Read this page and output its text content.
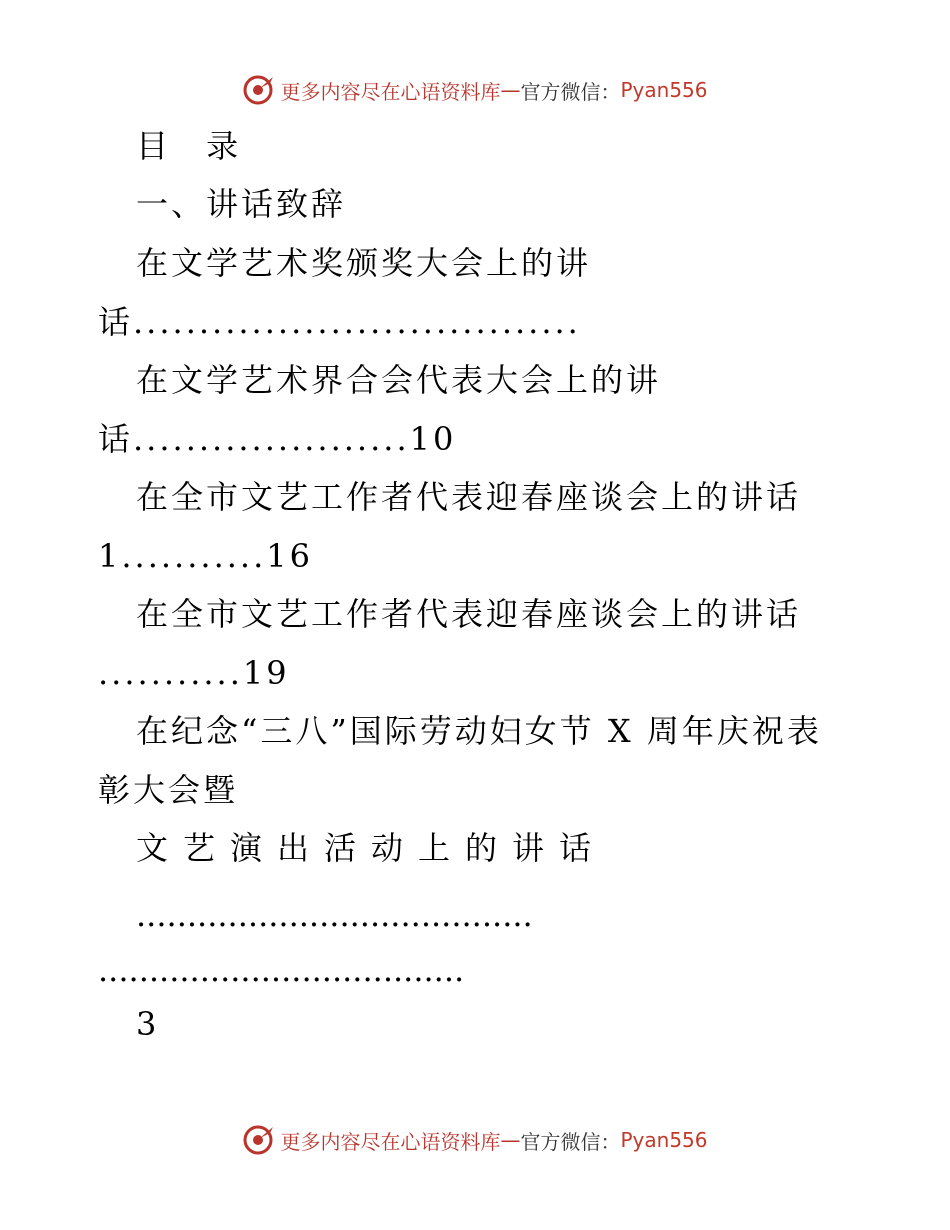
更多内容尽在心语资料库 — 官方微信： Pyan556
目 录
一、讲话致辞
在文学艺术奖颁奖大会上的讲
话..................................
在文学艺术界合会代表大会上的讲
话.....................10
在全市文艺工作者代表迎春座谈会上的讲话
1...........16
在全市文艺工作者代表迎春座谈会上的讲话
...........19
在纪念“三八”国际劳动妇女节 X 周年庆祝表
彰大会暨
文艺演出活动上的讲话
.......................................
....................................
3
更多内容尽在心语资料库 — 官方微信： Pyan556
